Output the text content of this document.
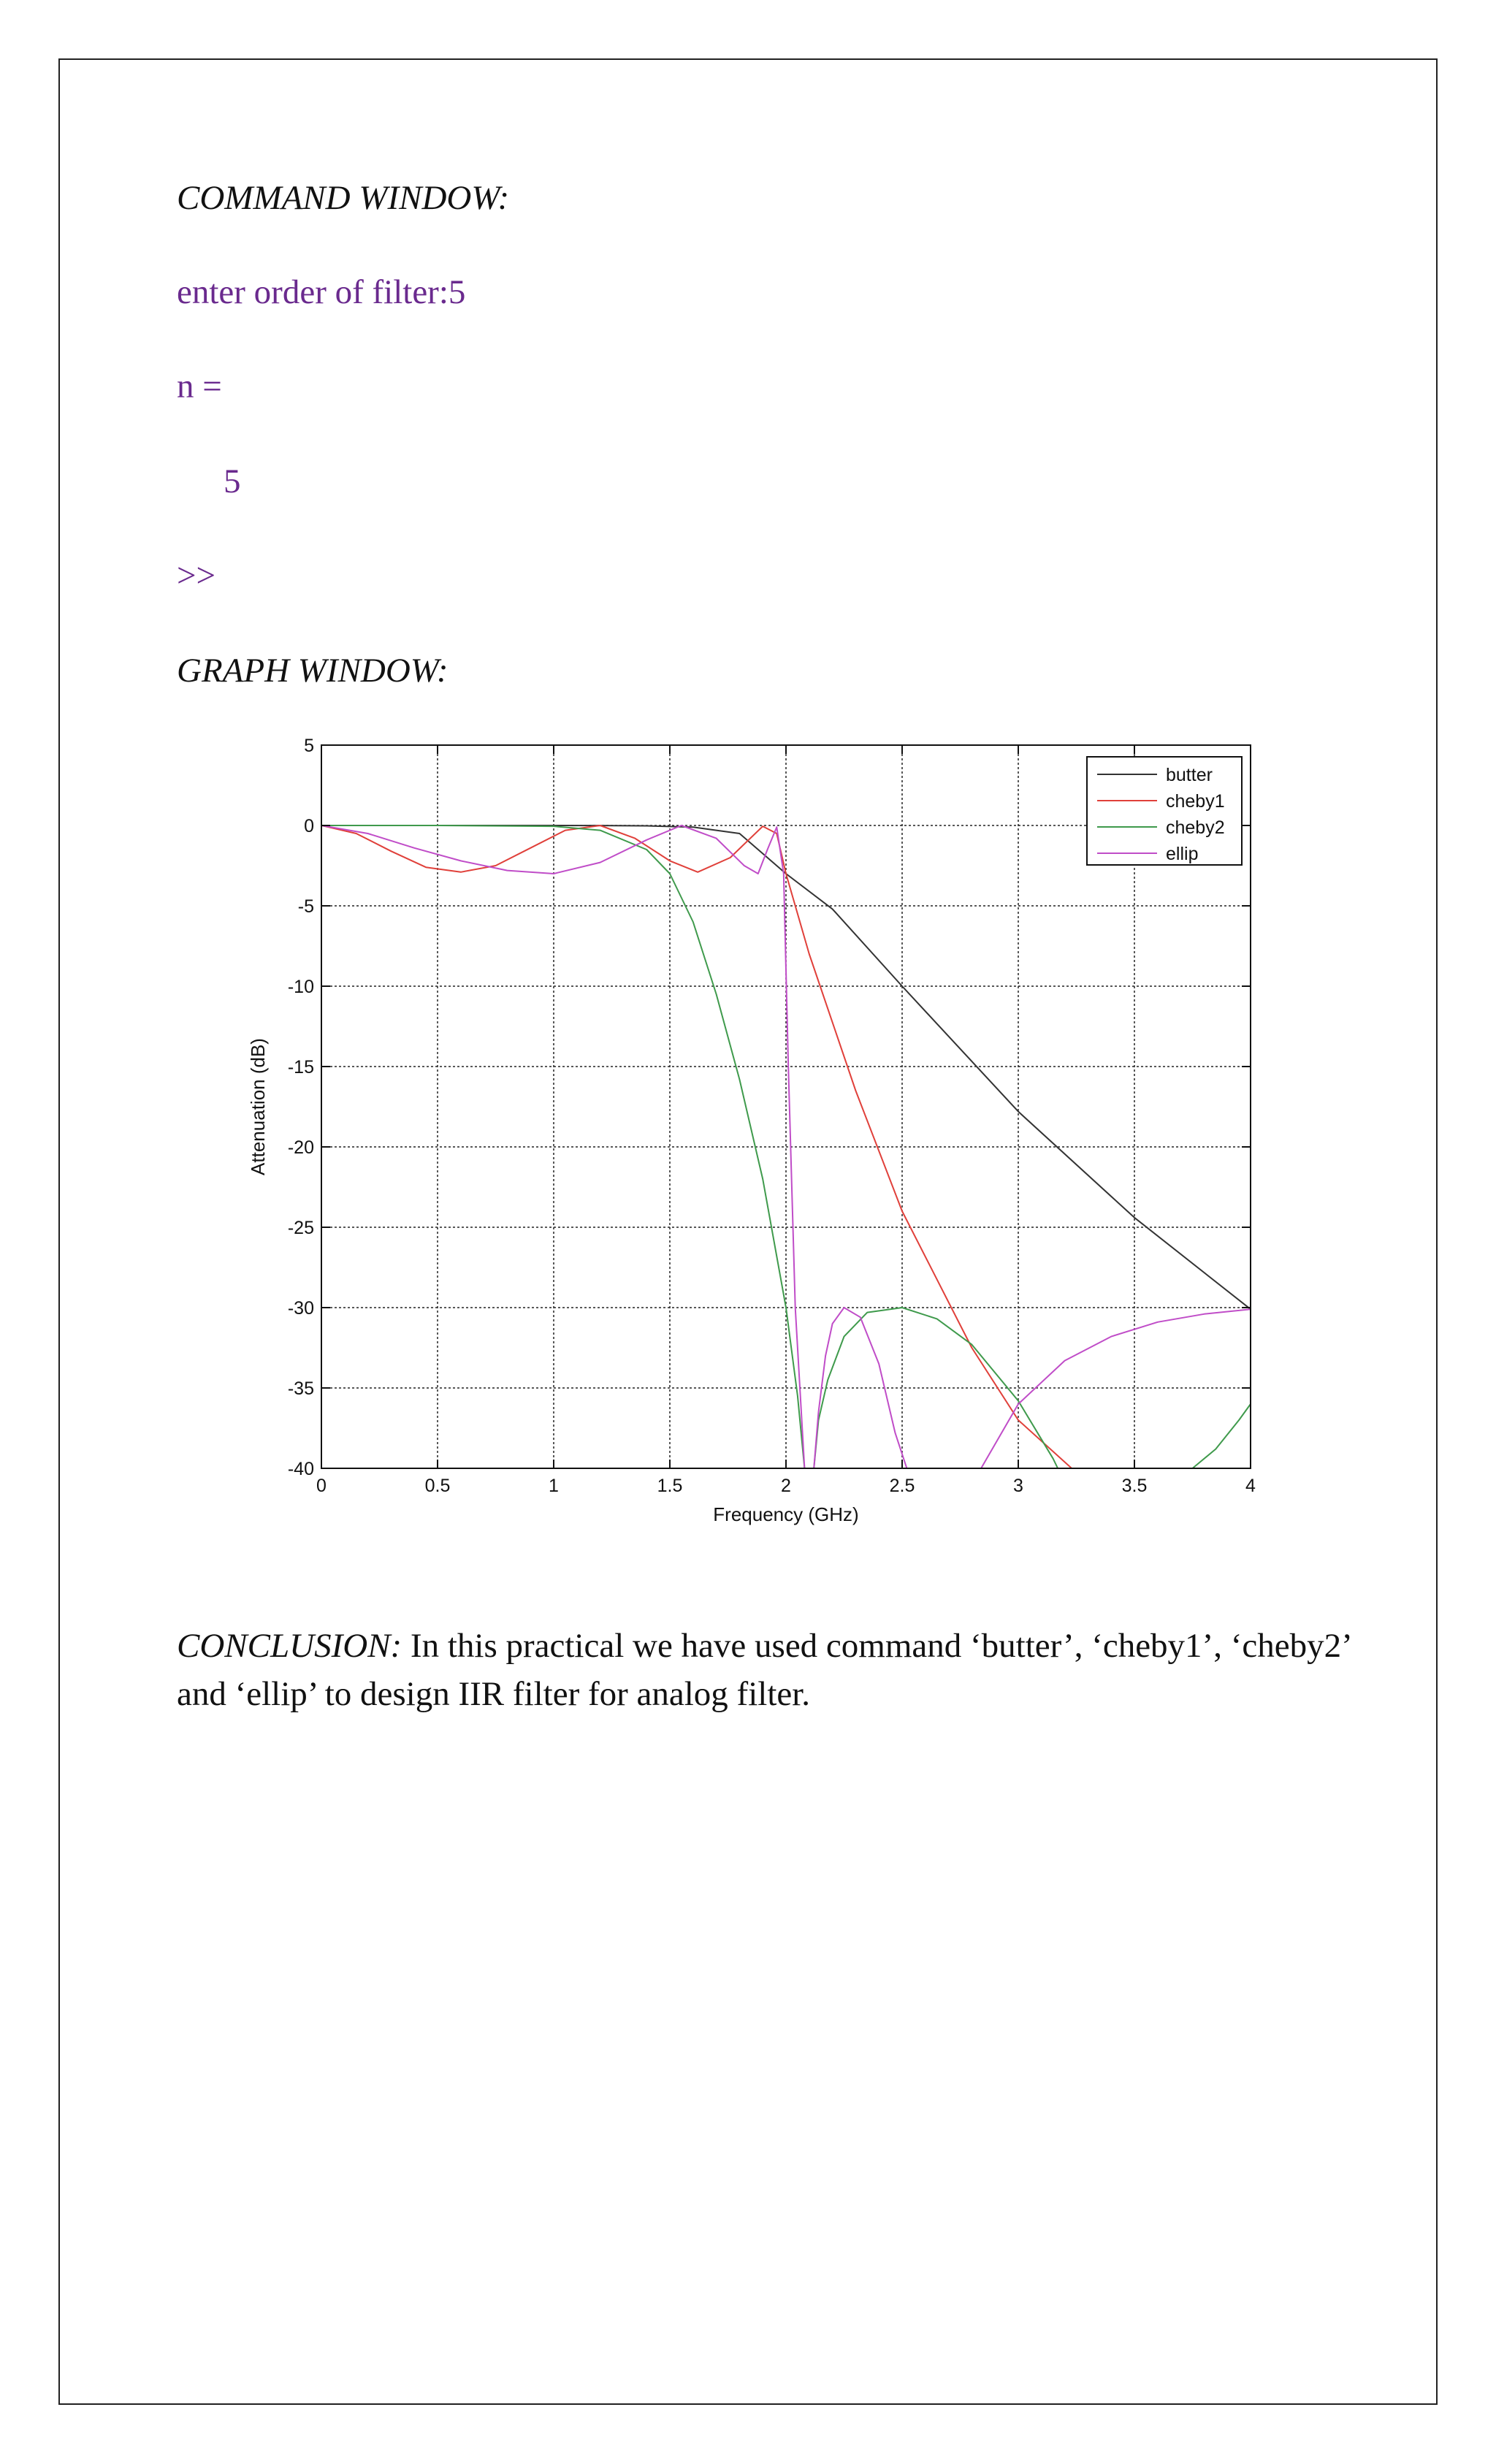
COMMAND WINDOW:
enter order of filter:5
n =
5
>>
GRAPH WINDOW:
0	0.5	1	1.5	2	2.5	3	3.5	4
5
0
-5
-10
-15
-20
-25
-30
-35
-40
Frequency (GHz)
Attenuation (dB)
butter
cheby1
cheby2
ellip
CONCLUSION: In this practical we have used command ‘butter’, ‘cheby1’, ‘cheby2’ and ‘ellip’ to design IIR filter for analog filter.
